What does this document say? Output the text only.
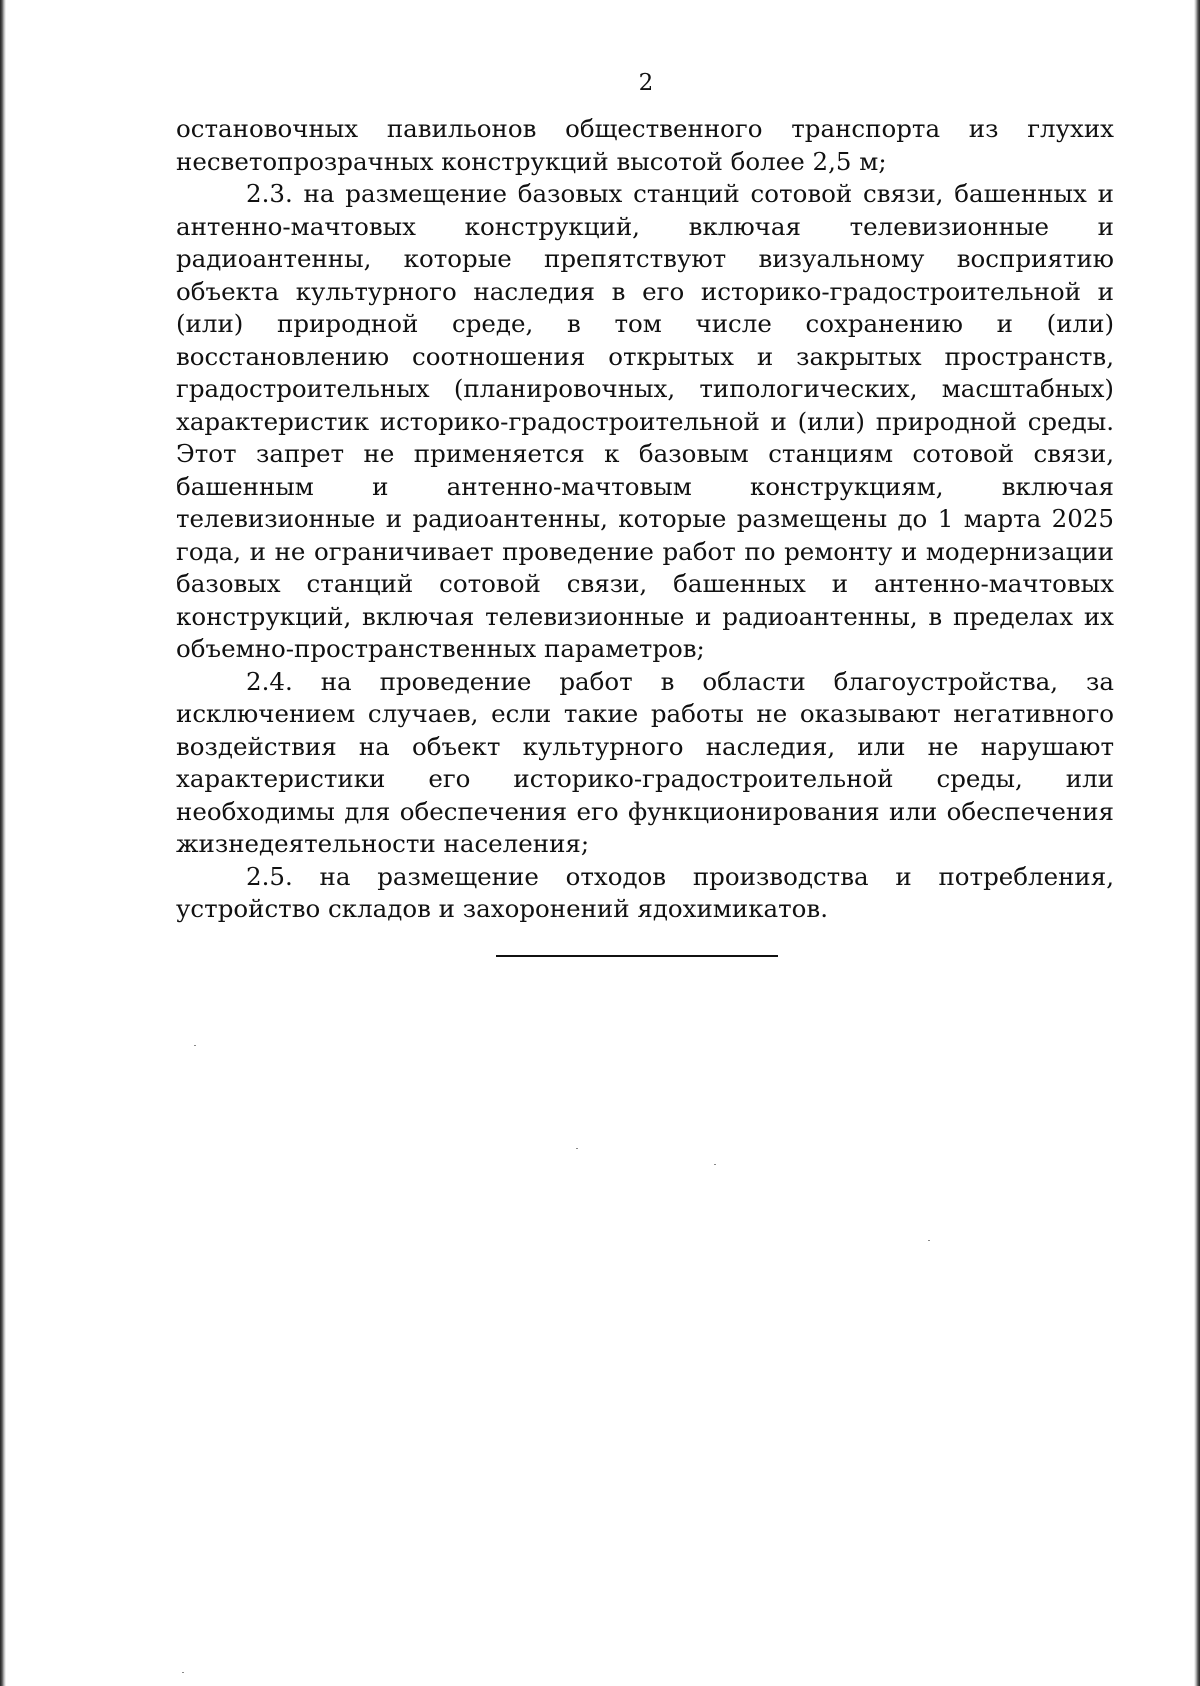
2

остановочных павильонов общественного транспорта из глухих несветопрозрачных конструкций высотой более 2,5 м;

2.3. на размещение базовых станций сотовой связи, башенных и антенно-мачтовых конструкций, включая телевизионные и радиоантенны, которые препятствуют визуальному восприятию объекта культурного наследия в его историко-градостроительной и (или) природной среде, в том числе сохранению и (или) восстановлению соотношения открытых и закрытых пространств, градостроительных (планировочных, типологических, масштабных) характеристик историко-градостроительной и (или) природной среды. Этот запрет не применяется к базовым станциям сотовой связи, башенным и антенно-мачтовым конструкциям, включая телевизионные и радиоантенны, которые размещены до 1 марта 2025 года, и не ограничивает проведение работ по ремонту и модернизации базовых станций сотовой связи, башенных и антенно-мачтовых конструкций, включая телевизионные и радиоантенны, в пределах их объемно-пространственных параметров;

2.4. на проведение работ в области благоустройства, за исключением случаев, если такие работы не оказывают негативного воздействия на объект культурного наследия, или не нарушают характеристики его историко-градостроительной среды, или необходимы для обеспечения его функционирования или обеспечения жизнедеятельности населения;

2.5. на размещение отходов производства и потребления, устройство складов и захоронений ядохимикатов.
